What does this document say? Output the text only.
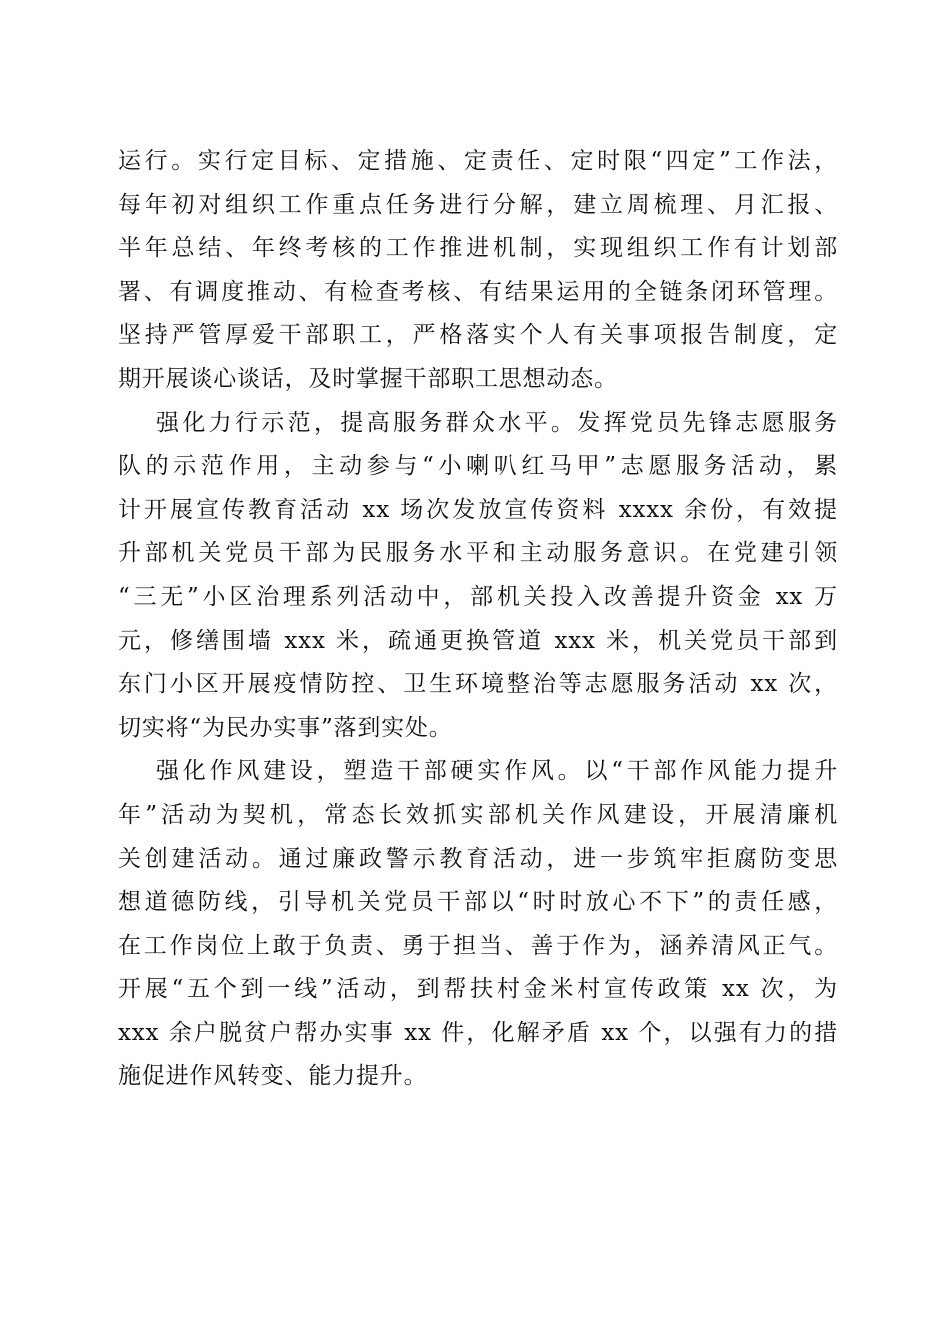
运行。实行定目标、定措施、定责任、定时限“四定”工作法，
每年初对组织工作重点任务进行分解，建立周梳理、月汇报、
半年总结、年终考核的工作推进机制，实现组织工作有计划部
署、有调度推动、有检查考核、有结果运用的全链条闭环管理。
坚持严管厚爱干部职工，严格落实个人有关事项报告制度，定
期开展谈心谈话，及时掌握干部职工思想动态。
强化力行示范，提高服务群众水平。发挥党员先锋志愿服务
队的示范作用，主动参与“小喇叭红马甲”志愿服务活动，累
计开展宣传教育活动 xx 场次发放宣传资料 xxxx 余份，有效提
升部机关党员干部为民服务水平和主动服务意识。在党建引领
“三无”小区治理系列活动中，部机关投入改善提升资金 xx 万
元，修缮围墙 xxx 米，疏通更换管道 xxx 米，机关党员干部到
东门小区开展疫情防控、卫生环境整治等志愿服务活动 xx 次，
切实将“为民办实事”落到实处。
强化作风建设，塑造干部硬实作风。以“干部作风能力提升
年”活动为契机，常态长效抓实部机关作风建设，开展清廉机
关创建活动。通过廉政警示教育活动，进一步筑牢拒腐防变思
想道德防线，引导机关党员干部以“时时放心不下”的责任感，
在工作岗位上敢于负责、勇于担当、善于作为，涵养清风正气。
开展“五个到一线”活动，到帮扶村金米村宣传政策 xx 次，为
xxx 余户脱贫户帮办实事 xx 件，化解矛盾 xx 个，以强有力的措
施促进作风转变、能力提升。
